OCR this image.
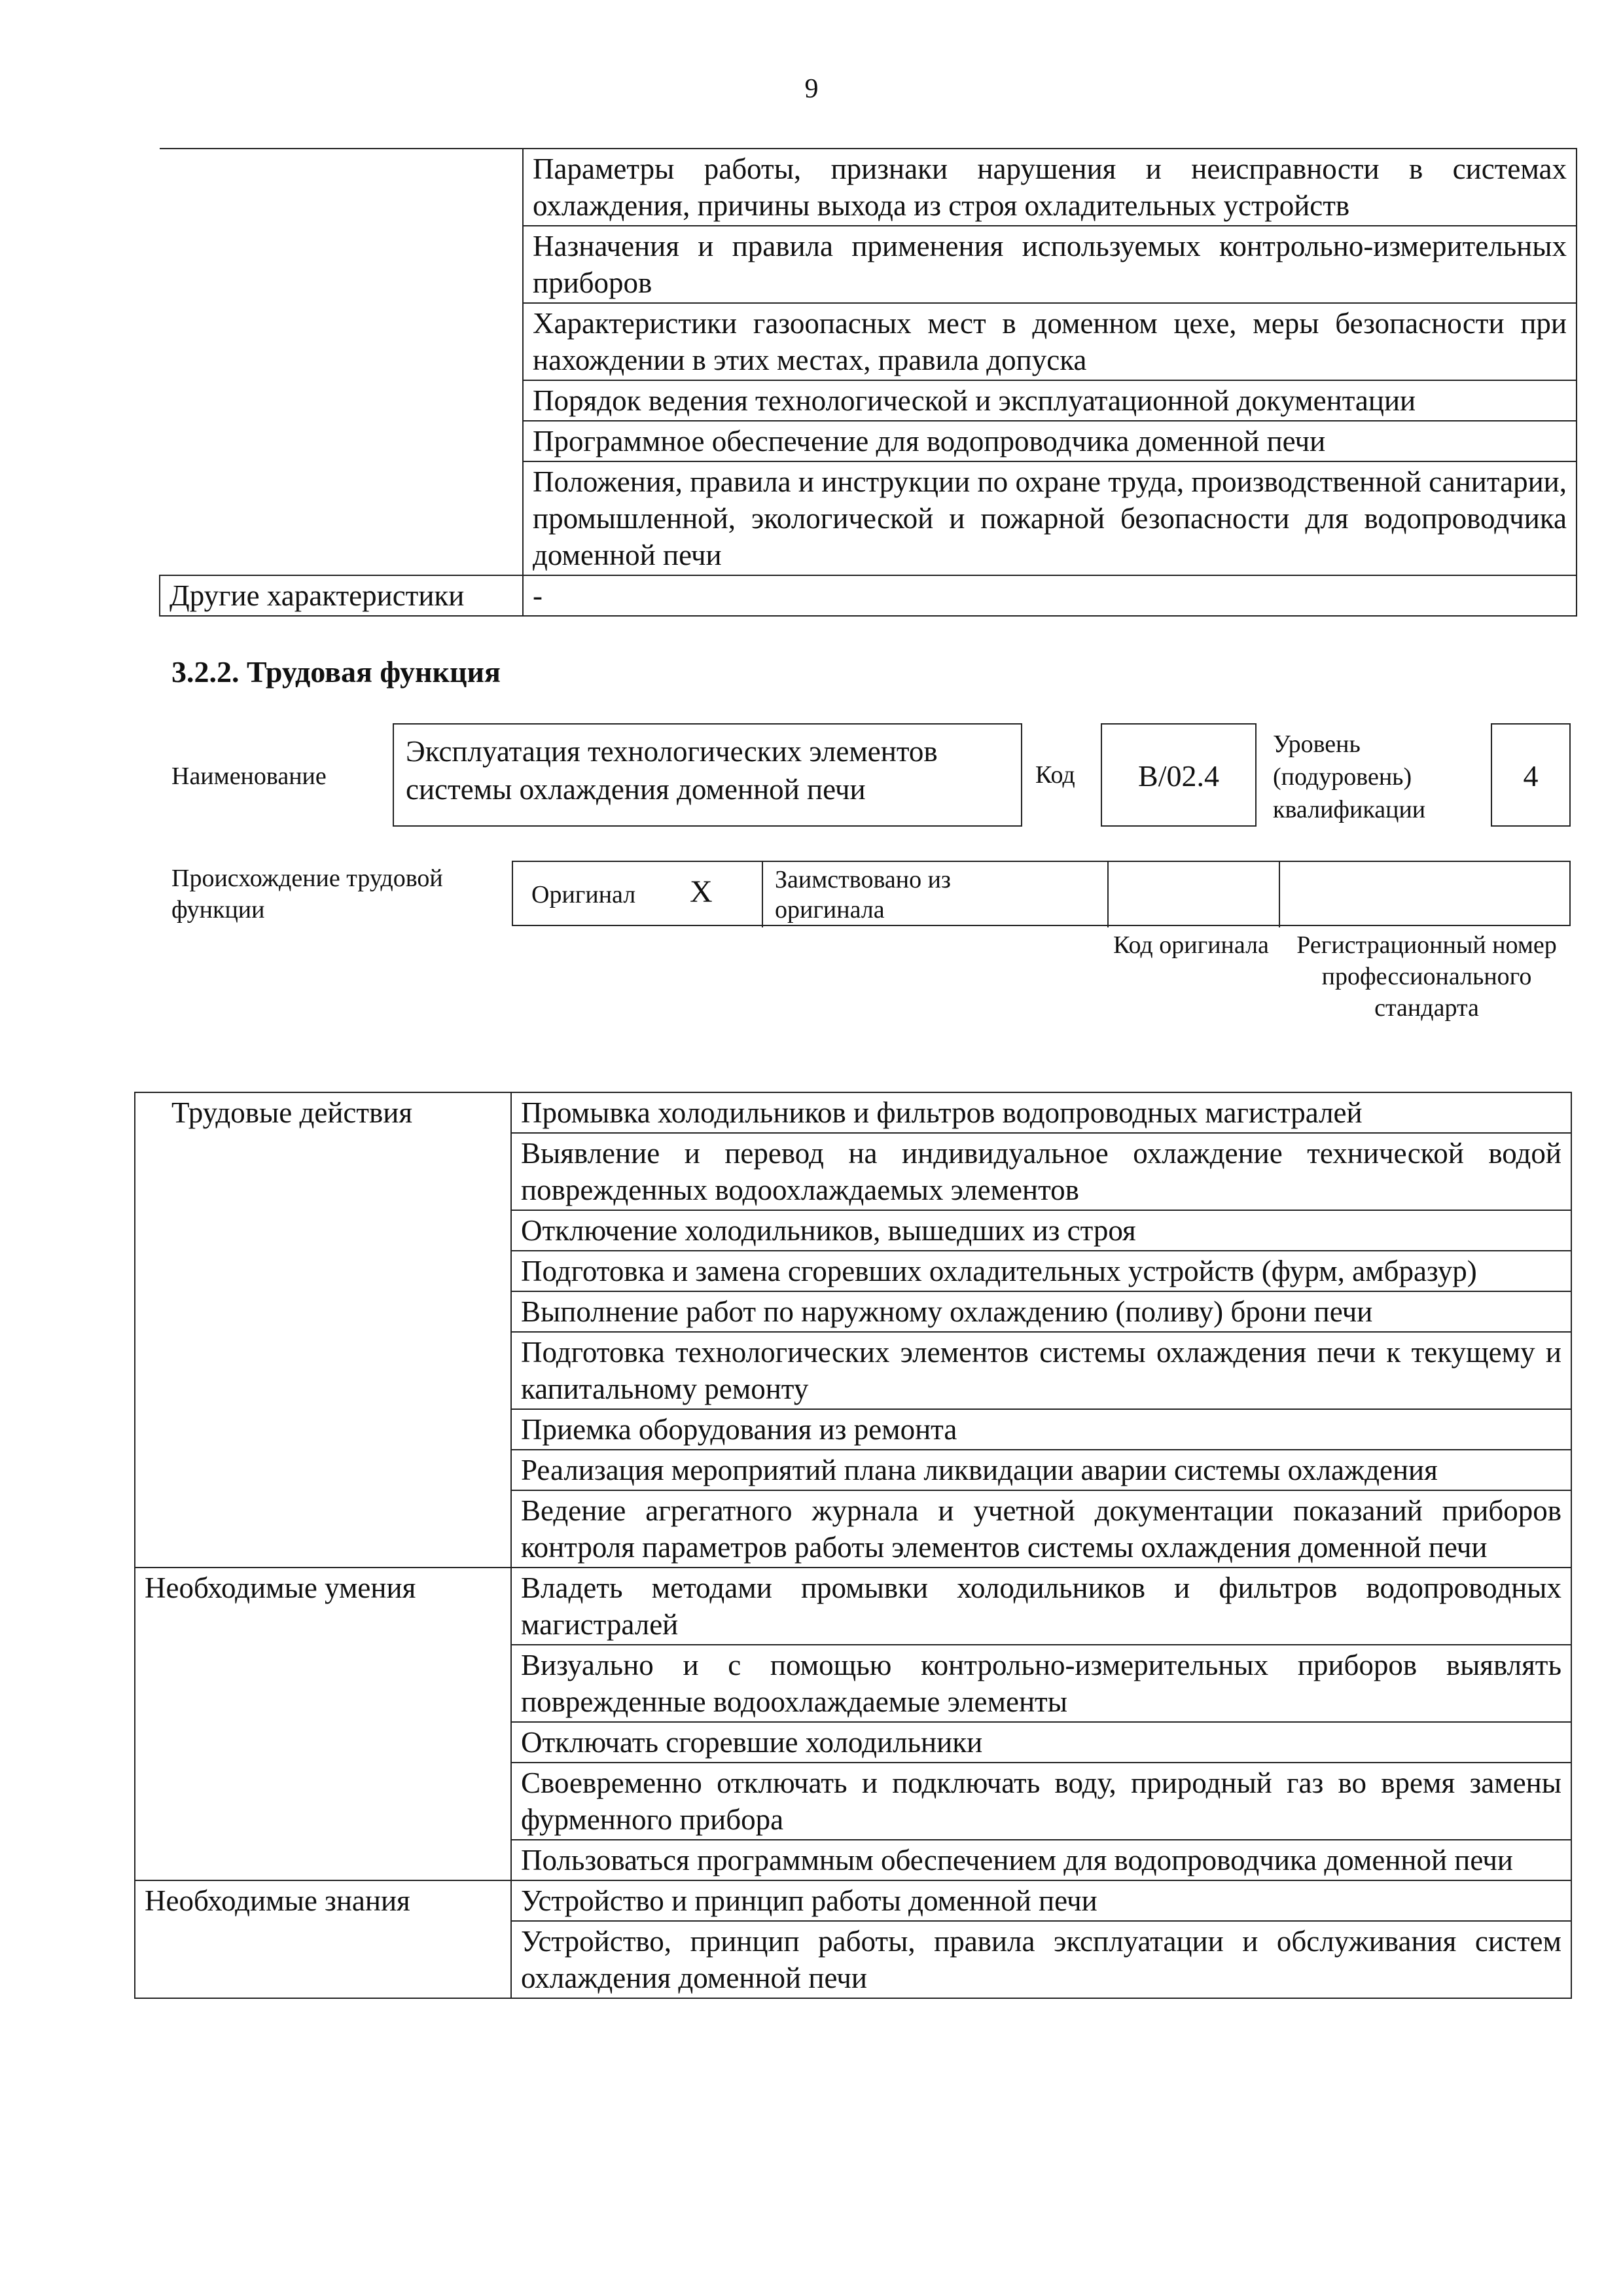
9
	Параметры работы, признаки нарушения и неисправности в системах охлаждения, причины выхода из строя охладительных устройств
	Назначения и правила применения используемых контрольно-измерительных приборов
	Характеристики газоопасных мест в доменном цехе, меры безопасности при нахождении в этих местах, правила допуска
	Порядок ведения технологической и эксплуатационной документации
	Программное обеспечение для водопроводчика доменной печи
	Положения, правила и инструкции по охране труда, производственной санитарии, промышленной, экологической и пожарной безопасности для водопроводчика доменной печи
Другие характеристики	-
3.2.2. Трудовая функция
Наименование
Эксплуатация технологических элементов системы охлаждения доменной печи	Код	B/02.4
Уровень (подуровень) квалификации
4
Происхождение трудовой функции
Оригинал X	Заимствовано из оригинала
Код оригинала	Регистрационный номер профессионального стандарта
Трудовые действия	Промывка холодильников и фильтров водопроводных магистралей
	Выявление и перевод на индивидуальное охлаждение технической водой поврежденных водоохлаждаемых элементов
	Отключение холодильников, вышедших из строя
	Подготовка и замена сгоревших охладительных устройств (фурм, амбразур)
	Выполнение работ по наружному охлаждению (поливу) брони печи
	Подготовка технологических элементов системы охлаждения печи к текущему и капитальному ремонту
	Приемка оборудования из ремонта
	Реализация мероприятий плана ликвидации аварии системы охлаждения
	Ведение агрегатного журнала и учетной документации показаний приборов контроля параметров работы элементов системы охлаждения доменной печи
Необходимые умения	Владеть методами промывки холодильников и фильтров водопроводных магистралей
	Визуально и с помощью контрольно-измерительных приборов выявлять поврежденные водоохлаждаемые элементы
	Отключать сгоревшие холодильники
	Своевременно отключать и подключать воду, природный газ во время замены фурменного прибора
	Пользоваться программным обеспечением для водопроводчика доменной печи
Необходимые знания	Устройство и принцип работы доменной печи
	Устройство, принцип работы, правила эксплуатации и обслуживания систем охлаждения доменной печи
